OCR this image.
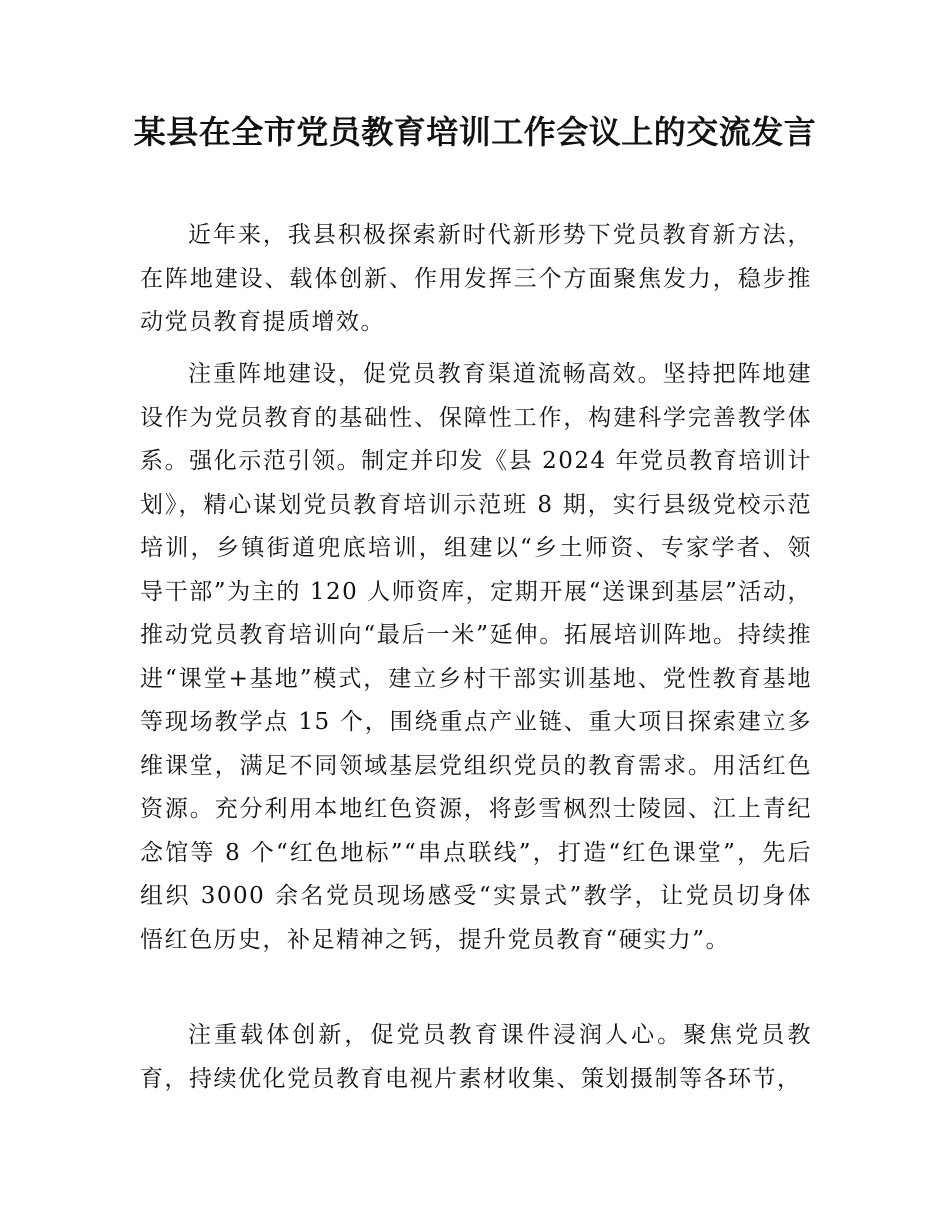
某县在全市党员教育培训工作会议上的交流发言

近年来，我县积极探索新时代新形势下党员教育新方法，在阵地建设、载体创新、作用发挥三个方面聚焦发力，稳步推动党员教育提质增效。

注重阵地建设，促党员教育渠道流畅高效。坚持把阵地建设作为党员教育的基础性、保障性工作，构建科学完善教学体系。强化示范引领。制定并印发《县 2024 年党员教育培训计划》，精心谋划党员教育培训示范班 8 期，实行县级党校示范培训，乡镇街道兜底培训，组建以“乡土师资、专家学者、领导干部”为主的 120 人师资库，定期开展“送课到基层”活动，推动党员教育培训向“最后一米”延伸。拓展培训阵地。持续推进“课堂+基地”模式，建立乡村干部实训基地、党性教育基地等现场教学点 15 个，围绕重点产业链、重大项目探索建立多维课堂，满足不同领域基层党组织党员的教育需求。用活红色资源。充分利用本地红色资源，将彭雪枫烈士陵园、江上青纪念馆等 8 个“红色地标”“串点联线”，打造“红色课堂”，先后组织 3000 余名党员现场感受“实景式”教学，让党员切身体悟红色历史，补足精神之钙，提升党员教育“硬实力”。

注重载体创新，促党员教育课件浸润人心。聚焦党员教育，持续优化党员教育电视片素材收集、策划摄制等各环节，
